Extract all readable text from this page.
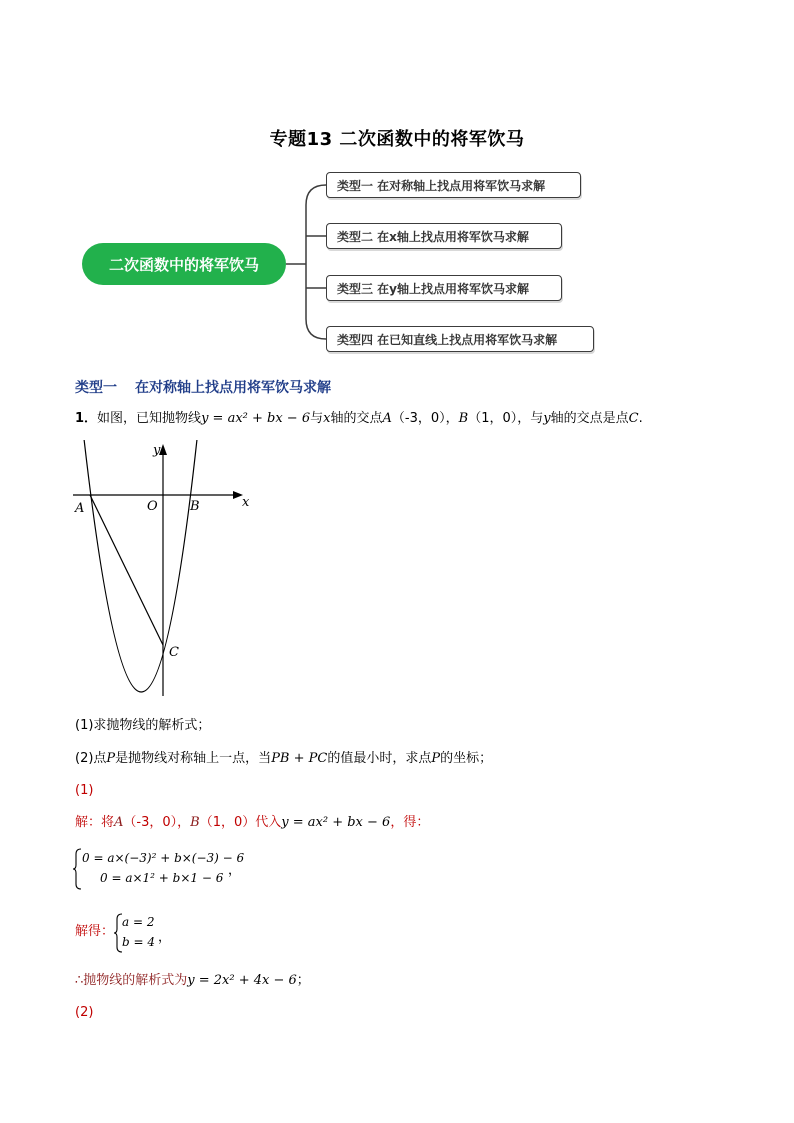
专题13 二次函数中的将军饮马
二次函数中的将军饮马
类型一 在对称轴上找点用将军饮马求解
类型二 在x轴上找点用将军饮马求解
类型三 在y轴上找点用将军饮马求解
类型四 在已知直线上找点用将军饮马求解
类型一 在对称轴上找点用将军饮马求解
1．如图，已知抛物线y = ax² + bx − 6与x轴的交点A（-3，0），B（1，0），与y轴的交点是点C.
y
x
A	O B
C
(1)求抛物线的解析式；
(2)点P是抛物线对称轴上一点，当PB + PC的值最小时，求点P的坐标；
(1)
解：将A（-3，0），B（1，0）代入y = ax² + bx − 6，得：
0 = a×(−3)² + b×(−3) − 6
0 = a×1² + b×1 − 6 ，
解得：
a = 2
b = 4 ，
∴抛物线的解析式为y = 2x² + 4x − 6；
(2)
